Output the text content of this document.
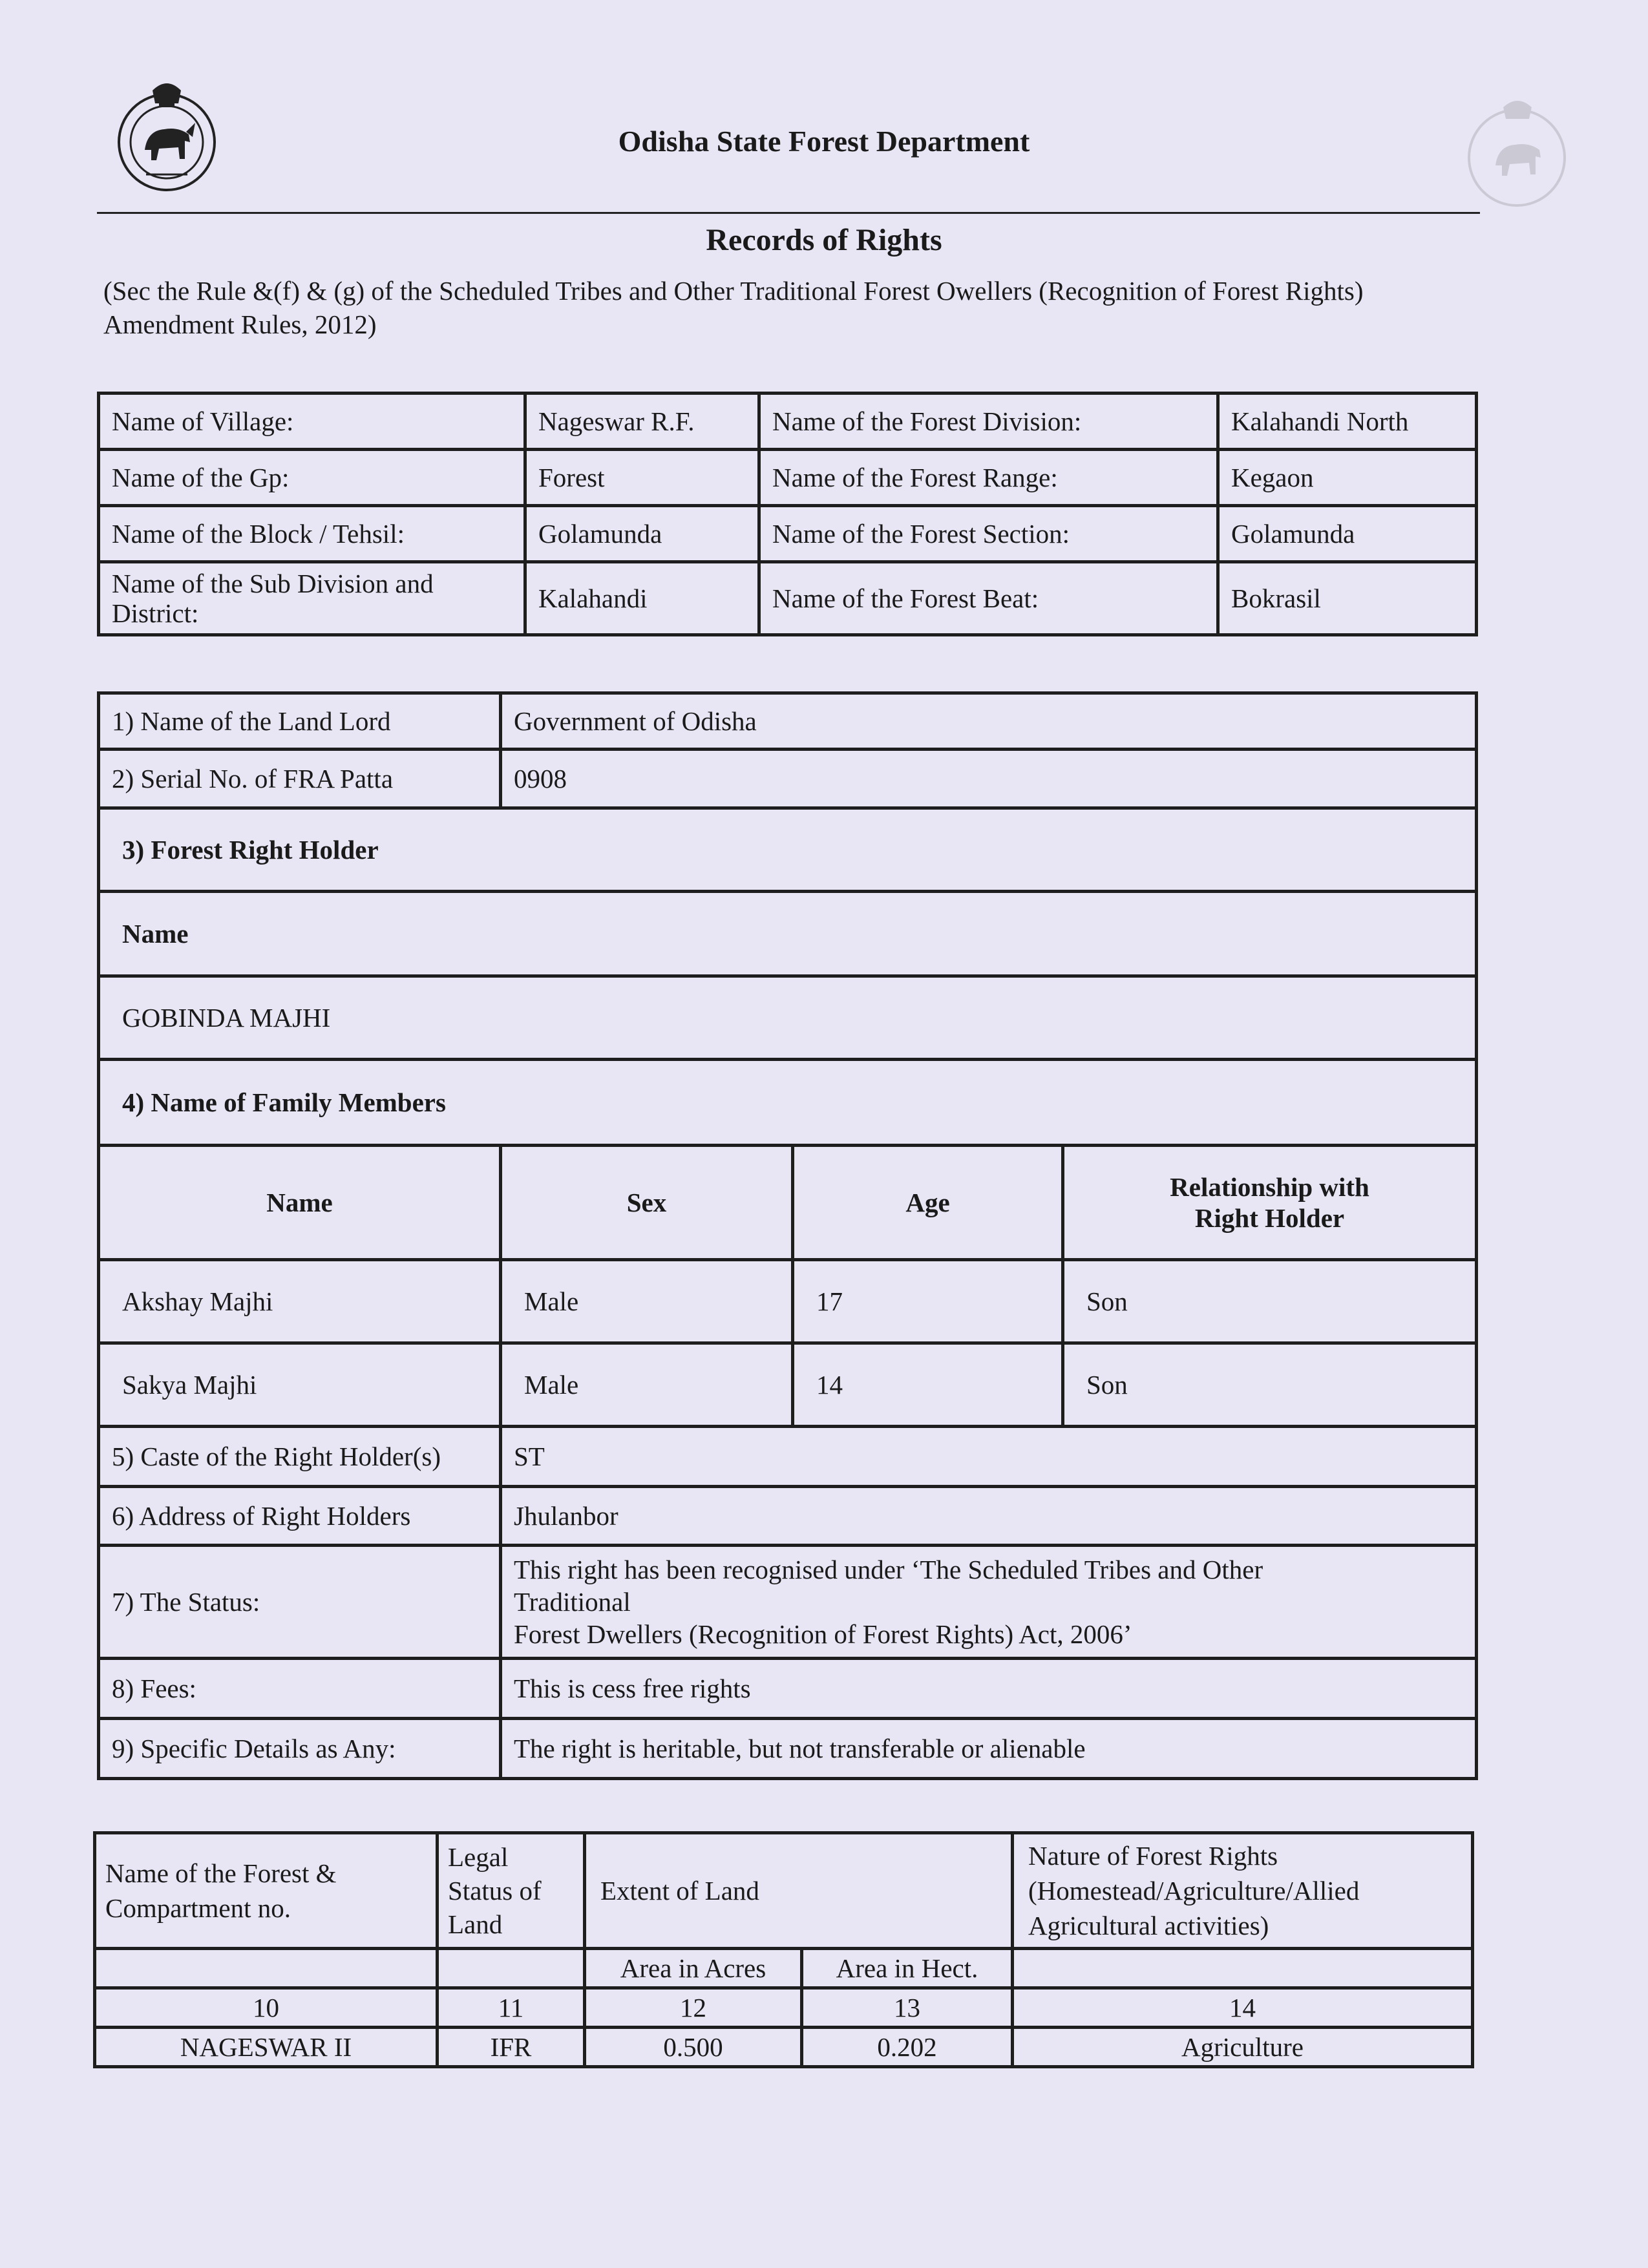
Odisha State Forest Department
Records of Rights
(Sec the Rule &(f) & (g) of the Scheduled Tribes and Other Traditional Forest Owellers (Recognition of Forest Rights) Amendment Rules, 2012)
Name of Village:	Nageswar R.F.	Name of the Forest Division:	Kalahandi North
Name of the Gp:	Forest	Name of the Forest Range:	Kegaon
Name of the Block / Tehsil:	Golamunda	Name of the Forest Section:	Golamunda
Name of the Sub Division and District:	Kalahandi	Name of the Forest Beat:	Bokrasil
1) Name of the Land Lord	Government of Odisha		
2) Serial No. of FRA Patta	0908		
3) Forest Right Holder			
Name			
GOBINDA MAJHI			
4) Name of Family Members			
Name	Sex	Age	Relationship with Right Holder
Akshay Majhi	Male	17	Son
Sakya Majhi	Male	14	Son
5) Caste of the Right Holder(s)	ST		
6) Address of Right Holders	Jhulanbor		
7) The Status:	This right has been recognised under ‘The Scheduled Tribes and Other
Traditional
Forest Dwellers (Recognition of Forest Rights) Act, 2006’		

8) Fees:	This is cess free rights		
9) Specific Details as Any:	The right is heritable, but not transferable or alienable		
Name of the Forest & Compartment no.	Legal Status of Land	Extent of Land		Nature of Forest Rights (Homestead/Agriculture/Allied Agricultural activities)
		Area in Acres	Area in Hect.	
10	11	12	13	14
NAGESWAR II	IFR	0.500	0.202	Agriculture
